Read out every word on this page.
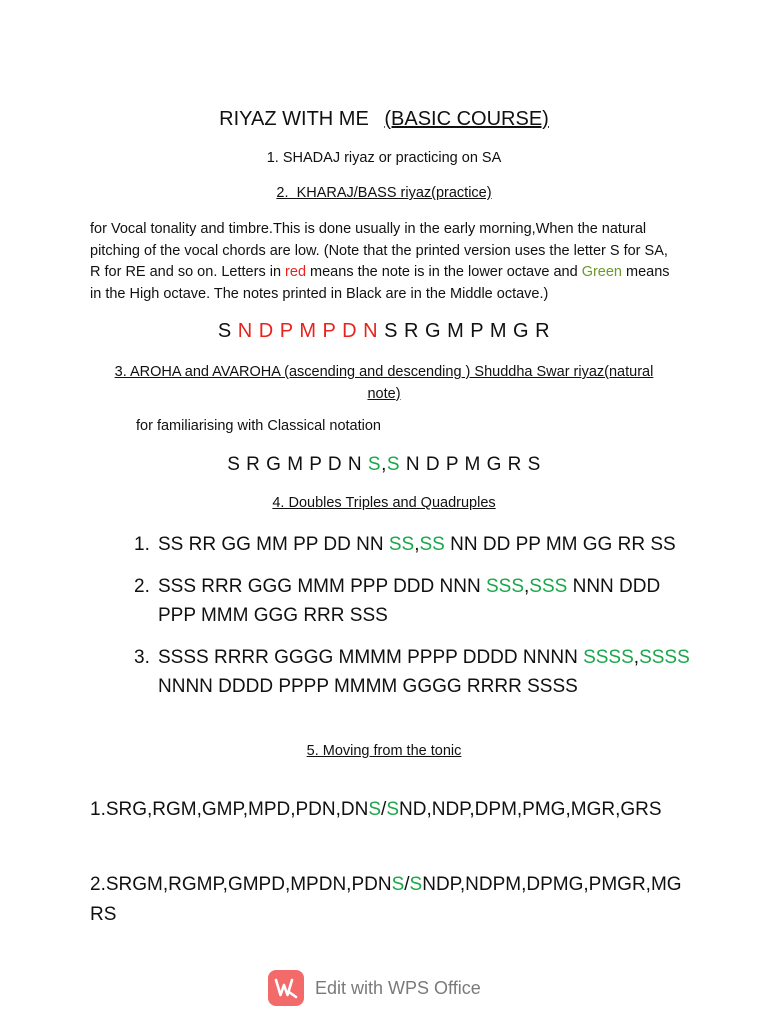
RIYAZ WITH ME (BASIC COURSE)
1. SHADAJ riyaz or practicing on SA
2. KHARAJ/BASS riyaz(practice)
for Vocal tonality and timbre.This is done usually in the early morning,When the natural pitching of the vocal chords are low. (Note that the printed version uses the letter S for SA, R for RE and so on. Letters in red means the note is in the lower octave and Green means in the High octave. The notes printed in Black are in the Middle octave.)
S N D P M P D N S R G M P M G R
3. AROHA and AVAROHA (ascending and descending ) Shuddha Swar riyaz(natural note)
for familiarising with Classical notation
S R G M P D N S,S N D P M G R S
4. Doubles Triples and Quadruples
1. SS RR GG MM PP DD NN SS,SS NN DD PP MM GG RR SS
2. SSS RRR GGG MMM PPP DDD NNN SSS,SSS NNN DDD PPP MMM GGG RRR SSS
3. SSSS RRRR GGGG MMMM PPPP DDDD NNNN SSSS,SSSS NNNN DDDD PPPP MMMM GGGG RRRR SSSS
5. Moving from the tonic
1.SRG,RGM,GMP,MPD,PDN,DNS/SND,NDP,DPM,PMG,MGR,GRS
2.SRGM,RGMP,GMPD,MPDN,PDNS/SNDP,NDPM,DPMG,PMGR,MGRS
Edit with WPS Office
